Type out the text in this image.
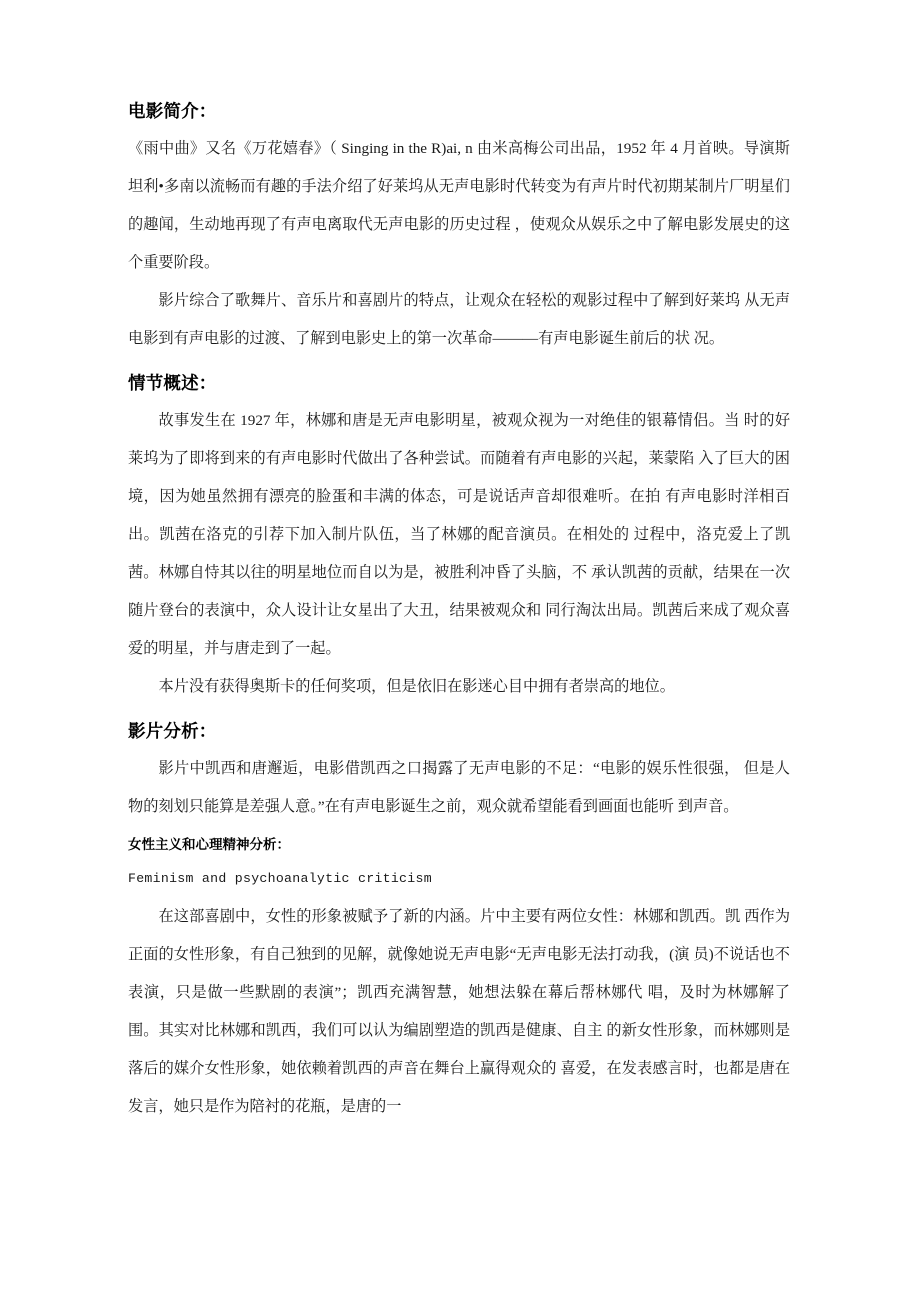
电影简介：

《雨中曲》又名《万花嬉春》（ Singing in the R)ai, n 由米高梅公司出品，1952 年 4 月首映。导演斯坦利•多南以流畅而有趣的手法介绍了好莱坞从无声电影时代转变为有声片时代初期某制片厂明星们的趣闻，生动地再现了有声电离取代无声电影的历史过程 ，使观众从娱乐之中了解电影发展史的这个重要阶段。

影片综合了歌舞片、音乐片和喜剧片的特点，让观众在轻松的观影过程中了解到好莱坞 从无声电影到有声电影的过渡、了解到电影史上的第一次革命———有声电影诞生前后的状 况。

情节概述：

故事发生在 1927 年，林娜和唐是无声电影明星，被观众视为一对绝佳的银幕情侣。当 时的好莱坞为了即将到来的有声电影时代做出了各种尝试。而随着有声电影的兴起，莱蒙陷 入了巨大的困境，因为她虽然拥有漂亮的脸蛋和丰满的体态，可是说话声音却很难听。在拍 有声电影时洋相百出。凯茜在洛克的引荐下加入制片队伍，当了林娜的配音演员。在相处的 过程中，洛克爱上了凯茜。林娜自恃其以往的明星地位而自以为是，被胜利冲昏了头脑，不 承认凯茜的贡献，结果在一次随片登台的表演中，众人设计让女星出了大丑，结果被观众和 同行淘汰出局。凯茜后来成了观众喜爱的明星，并与唐走到了一起。

本片没有获得奥斯卡的任何奖项，但是依旧在影迷心目中拥有者崇高的地位。

影片分析：

影片中凯西和唐邂逅，电影借凯西之口揭露了无声电影的不足：“电影的娱乐性很强， 但是人物的刻划只能算是差强人意。”在有声电影诞生之前，观众就希望能看到画面也能听 到声音。

女性主义和心理精神分析：

Feminism and psychoanalytic criticism

在这部喜剧中，女性的形象被赋予了新的内涵。片中主要有两位女性：林娜和凯西。凯 西作为正面的女性形象，有自己独到的见解，就像她说无声电影“无声电影无法打动我，(演 员)不说话也不表演，只是做一些默剧的表演”；凯西充满智慧，她想法躲在幕后帮林娜代 唱，及时为林娜解了围。其实对比林娜和凯西，我们可以认为编剧塑造的凯西是健康、自主 的新女性形象，而林娜则是落后的媒介女性形象，她依赖着凯西的声音在舞台上赢得观众的 喜爱，在发表感言时，也都是唐在发言，她只是作为陪衬的花瓶，是唐的一
